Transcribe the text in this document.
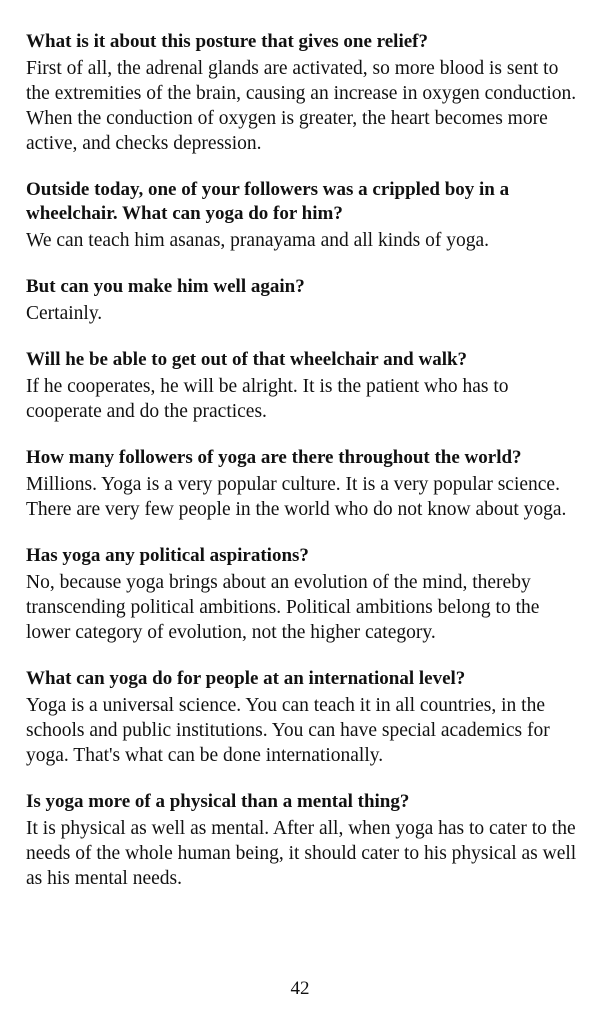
What is it about this posture that gives one relief?

First of all, the adrenal glands are activated, so more blood is sent to the extremities of the brain, causing an increase in oxygen conduction. When the conduction of oxygen is greater, the heart becomes more active, and checks depression.

Outside today, one of your followers was a crippled boy in a wheelchair. What can yoga do for him?

We can teach him asanas, pranayama and all kinds of yoga.

But can you make him well again?

Certainly.

Will he be able to get out of that wheelchair and walk?

If he cooperates, he will be alright. It is the patient who has to cooperate and do the practices.

How many followers of yoga are there throughout the world?

Millions. Yoga is a very popular culture. It is a very popular science. There are very few people in the world who do not know about yoga.

Has yoga any political aspirations?

No, because yoga brings about an evolution of the mind, thereby transcending political ambitions. Political ambitions belong to the lower category of evolution, not the higher category.

What can yoga do for people at an international level?

Yoga is a universal science. You can teach it in all countries, in the schools and public institutions. You can have special academics for yoga. That's what can be done internationally.

Is yoga more of a physical than a mental thing?

It is physical as well as mental. After all, when yoga has to cater to the needs of the whole human being, it should cater to his physical as well as his mental needs.

42
